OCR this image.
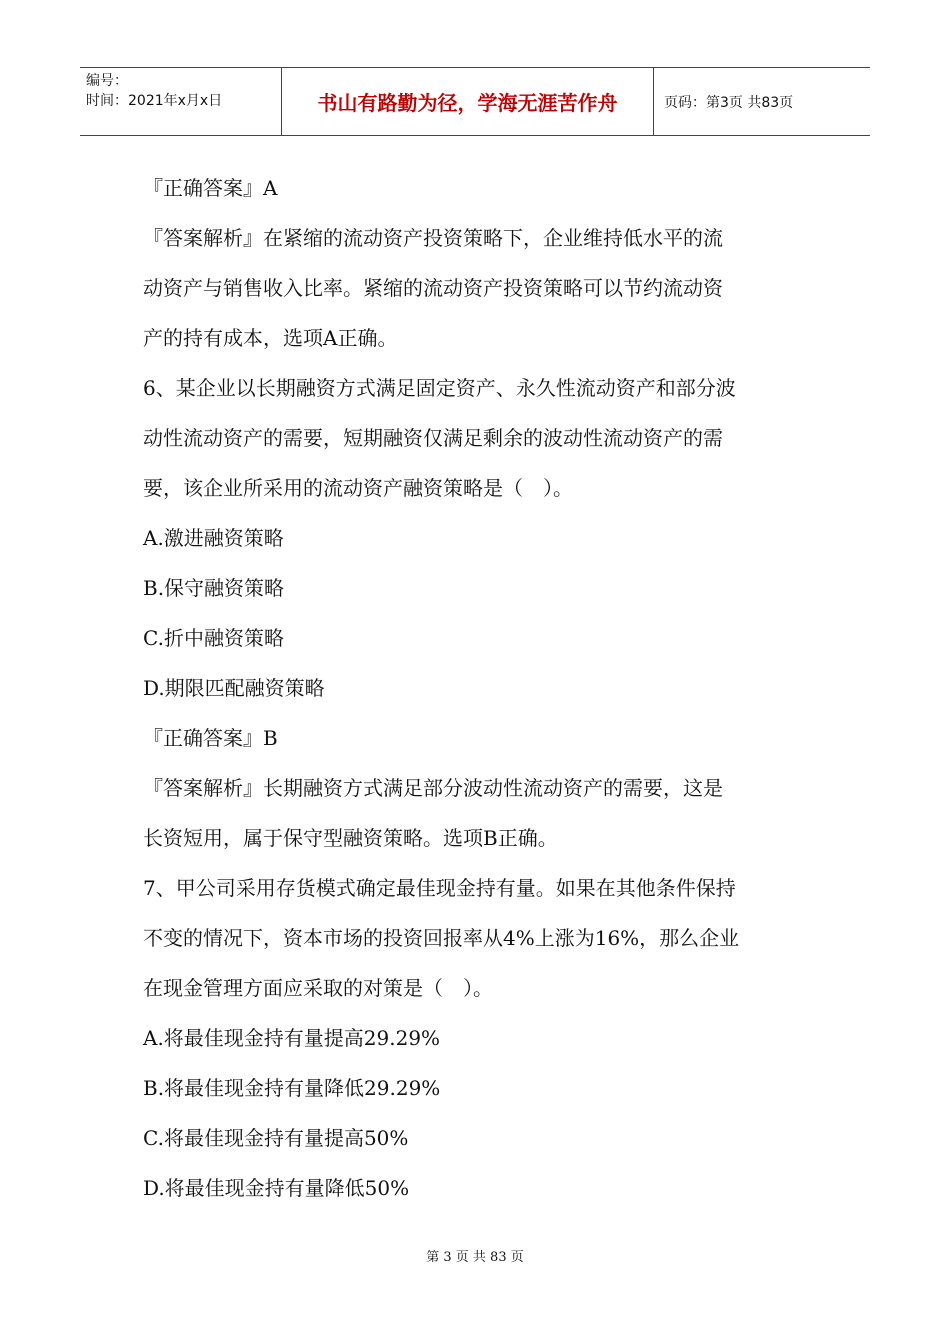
编号：
时间：2021年x月x日	书山有路勤为径，学海无涯苦作舟	页码：第3页 共83页

『正确答案』A

『答案解析』在紧缩的流动资产投资策略下，企业维持低水平的流

动资产与销售收入比率。紧缩的流动资产投资策略可以节约流动资

产的持有成本，选项A正确。

6、某企业以长期融资方式满足固定资产、永久性流动资产和部分波

动性流动资产的需要，短期融资仅满足剩余的波动性流动资产的需

要，该企业所采用的流动资产融资策略是（　）。

A.激进融资策略

B.保守融资策略

C.折中融资策略

D.期限匹配融资策略

『正确答案』B

『答案解析』长期融资方式满足部分波动性流动资产的需要，这是

长资短用，属于保守型融资策略。选项B正确。

7、甲公司采用存货模式确定最佳现金持有量。如果在其他条件保持

不变的情况下，资本市场的投资回报率从4%上涨为16%，那么企业

在现金管理方面应采取的对策是（　）。

A.将最佳现金持有量提高29.29%

B.将最佳现金持有量降低29.29%

C.将最佳现金持有量提高50%

D.将最佳现金持有量降低50%

第 3 页 共 83 页
